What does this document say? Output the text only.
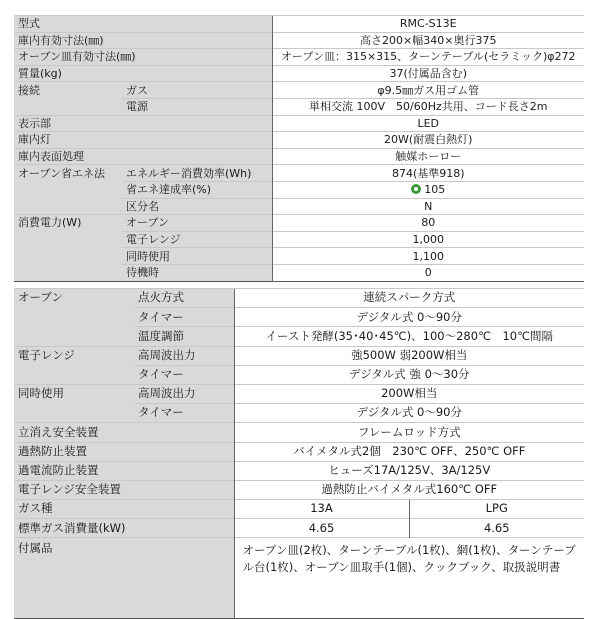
型式		RMC-S13E
庫内有効寸法(㎜)		高さ200×幅340×奥行375
オーブン皿有効寸法(㎜)		オーブン皿：315×315、ターンテーブル(セラミック)φ272
質量(kg)		37(付属品含む)
接続	ガス	φ9.5㎜ガス用ゴム管
	電源	単相交流 100V　50/60Hz共用、コード長さ2m
表示部		LED
庫内灯		20W(耐震白熱灯)
庫内表面処理		触媒ホーロー
オーブン省エネ法	エネルギー消費効率(Wh)	874(基準918)
	省エネ達成率(%)	105
	区分名	N
消費電力(W)	オーブン	80
	電子レンジ	1,000
	同時使用	1,100
	待機時	0
オーブン	点火方式	連続スパーク方式	
	タイマー	デジタル式 0～90分	
	温度調節	イースト発酵(35･40･45℃)、100～280℃　10℃間隔	
電子レンジ	高周波出力	強500W 弱200W相当	
	タイマー	デジタル式 強 0～30分	
同時使用	高周波出力	200W相当	
	タイマー	デジタル式 0～90分	
立消え安全装置		フレームロッド方式	
過熱防止装置		バイメタル式2個　230℃ OFF、250℃ OFF	
過電流防止装置		ヒューズ17A/125V、3A/125V	
電子レンジ安全装置		過熱防止バイメタル式160℃ OFF	
ガス種		13A	LPG
標準ガス消費量(kW)		4.65	4.65
付属品		オーブン皿(2枚)、ターンテーブル(1枚)、網(1枚)、ターンテーブル台(1枚)、オーブン皿取手(1個)、クックブック、取扱説明書	
